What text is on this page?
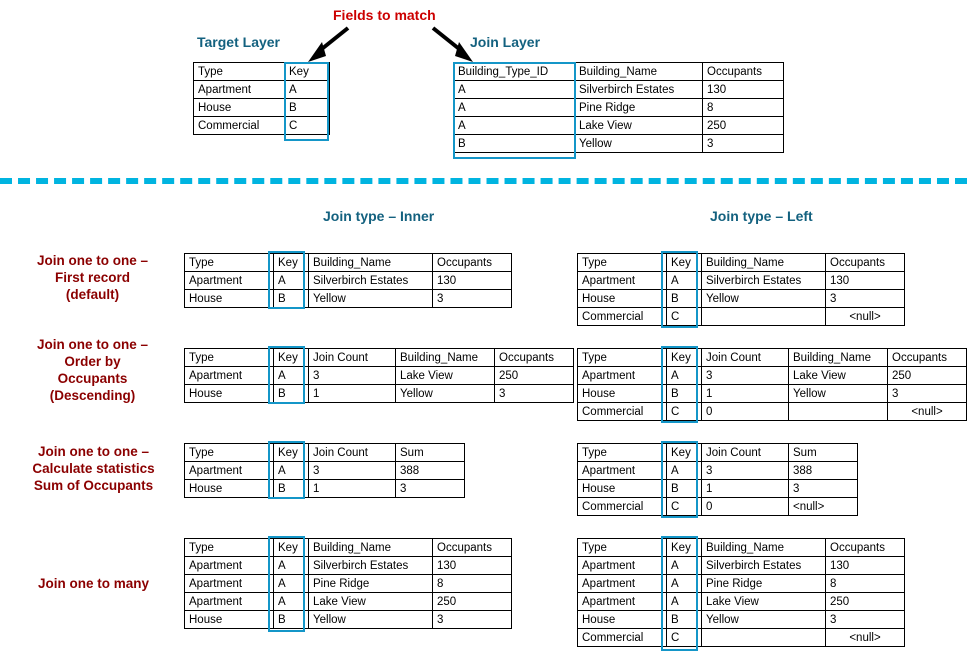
Fields to match
Target Layer	Join Layer
Type	Key
Apartment	A
House	B
Commercial	C
Building_Type_ID	Building_Name	Occupants
A	Silverbirch Estates	130
A	Pine Ridge	8
A	Lake View	250
B	Yellow	3
Join type – Inner	Join type – Left
Join one to one –
First record
(default)
Type	Key	Building_Name	Occupants
Apartment	A	Silverbirch Estates	130
House	B	Yellow	3
Type	Key	Building_Name	Occupants
Apartment	A	Silverbirch Estates	130
House	B	Yellow	3
Commercial	C		<null>
Join one to one –
Order by
Occupants
(Descending)
Type	Key	Join Count	Building_Name	Occupants
Apartment	A	3	Lake View	250
House	B	1	Yellow	3
Type	Key	Join Count	Building_Name	Occupants
Apartment	A	3	Lake View	250
House	B	1	Yellow	3
Commercial	C	0		<null>
Join one to one –
Calculate statistics
Sum of Occupants
Type	Key	Join Count	Sum
Apartment	A	3	388
House	B	1	3
Type	Key	Join Count	Sum
Apartment	A	3	388
House	B	1	3
Commercial	C	0	<null>
Join one to many
Type	Key	Building_Name	Occupants
Apartment	A	Silverbirch Estates	130
Apartment	A	Pine Ridge	8
Apartment	A	Lake View	250
House	B	Yellow	3
Type	Key	Building_Name	Occupants
Apartment	A	Silverbirch Estates	130
Apartment	A	Pine Ridge	8
Apartment	A	Lake View	250
House	B	Yellow	3
Commercial	C		<null>
